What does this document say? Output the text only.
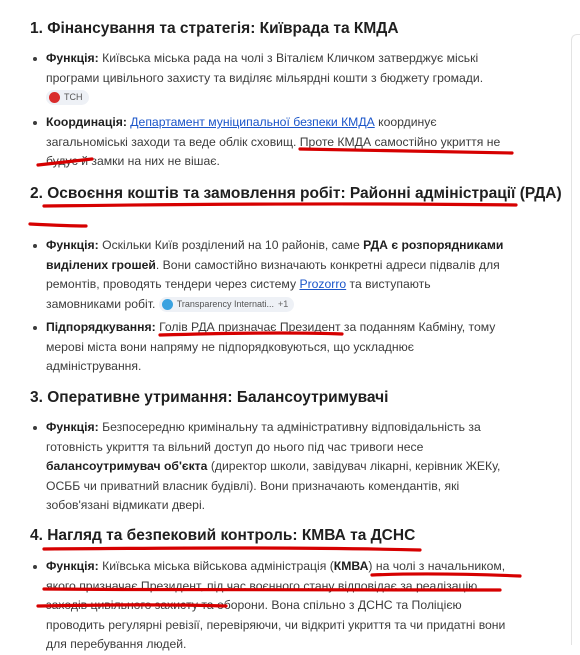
1. Фінансування та стратегія: Київрада та КМДА
Функція: Київська міська рада на чолі з Віталієм Кличком затверджує міські програми цивільного захисту та виділяє мільярдні кошти з бюджету громади.
ТСН
Координація: Департамент муніципальної безпеки КМДА координує загальноміські заходи та веде облік сховищ. Проте КМДА самостійно укриття не будує й замки на них не вішає.
2. Освоєння коштів та замовлення робіт: Районні адміністрації (РДА)
Функція: Оскільки Київ розділений на 10 районів, саме РДА є розпорядниками виділених грошей. Вони самостійно визначають конкретні адреси підвалів для ремонтів, проводять тендери через систему Prozorro та виступають замовниками робіт. Transparency Internati... +1
Підпорядкування: Голів РДА призначає Президент за поданням Кабміну, тому мерові міста вони напряму не підпорядковуються, що ускладнює адміністрування.
3. Оперативне утримання: Балансоутримувачі
Функція: Безпосередню кримінальну та адміністративну відповідальність за готовність укриття та вільний доступ до нього під час тривоги несе балансоутримувач об'єкта (директор школи, завідувач лікарні, керівник ЖЕКу, ОСББ чи приватний власник будівлі). Вони призначають комендантів, які зобов'язані відмикати двері.
4. Нагляд та безпековий контроль: КМВА та ДСНС
Функція: Київська міська військова адміністрація (КМВА) на чолі з начальником, якого призначає Президент, під час воєнного стану відповідає за реалізацію заходів цивільного захисту та оборони. Вона спільно з ДСНС та Поліцією проводить регулярні ревізії, перевіряючи, чи відкриті укриття та чи придатні вони для перебування людей.
